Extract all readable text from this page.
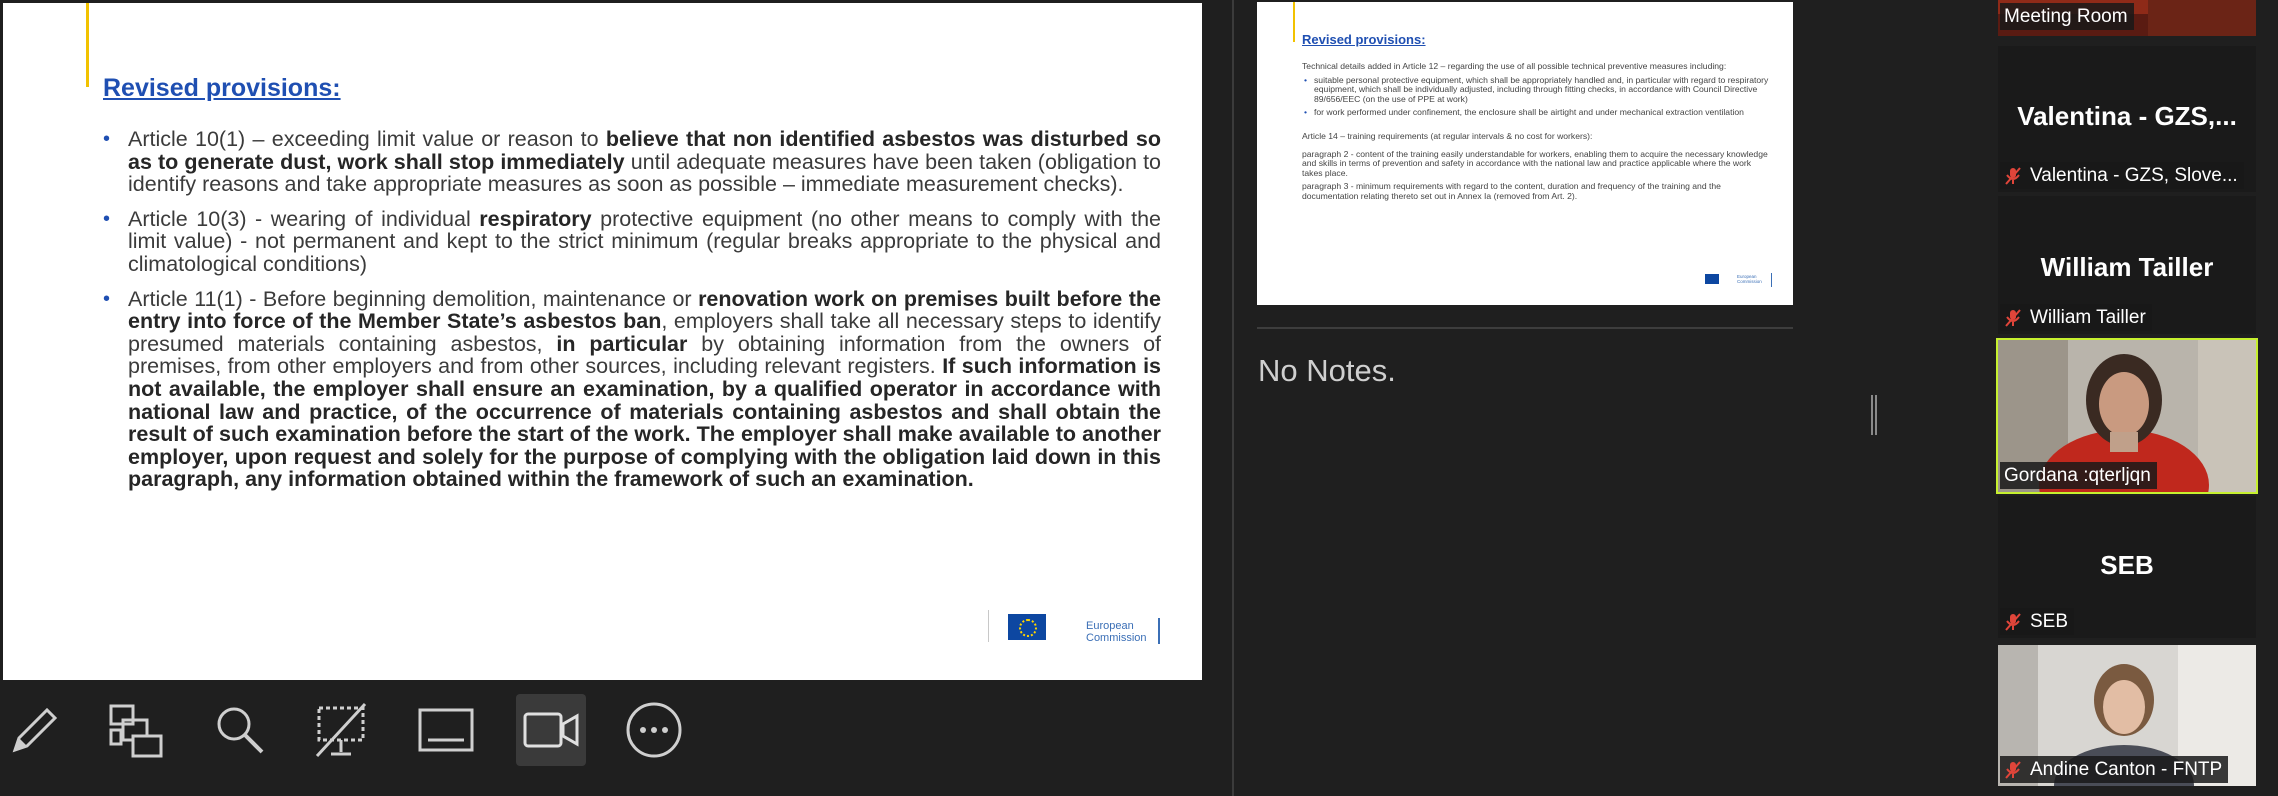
Revised provisions:
• Article 10(1) – exceeding limit value or reason to believe that non identified asbestos was disturbed so as to generate dust, work shall stop immediately until adequate measures have been taken (obligation to identify reasons and take appropriate measures as soon as possible – immediate measurement checks).
• Article 10(3) - wearing of individual respiratory protective equipment (no other means to comply with the limit value) - not permanent and kept to the strict minimum (regular breaks appropriate to the physical and climatological conditions)
• Article 11(1) - Before beginning demolition, maintenance or renovation work on premises built before the entry into force of the Member State’s asbestos ban, employers shall take all necessary steps to identify presumed materials containing asbestos, in particular by obtaining information from the owners of premises, from other employers and from other sources, including relevant registers. If such information is not available, the employer shall ensure an examination, by a qualified operator in accordance with national law and practice, of the occurrence of materials containing asbestos and shall obtain the result of such examination before the start of the work. The employer shall make available to another employer, upon request and solely for the purpose of complying with the obligation laid down in this paragraph, any information obtained within the framework of such an examination.
European
Commission
Revised provisions:

Technical details added in Article 12 – regarding the use of all possible technical preventive measures including:

• suitable personal protective equipment, which shall be appropriately handled and, in particular with regard to respiratory equipment, which shall be individually adjusted, including through fitting checks, in accordance with Council Directive 89/656/EEC (on the use of PPE at work)
• for work performed under confinement, the enclosure shall be airtight and under mechanical extraction ventilation

Article 14 – training requirements (at regular intervals & no cost for workers):

paragraph 2 - content of the training easily understandable for workers, enabling them to acquire the necessary knowledge and skills in terms of prevention and safety in accordance with the national law and practice applicable where the work takes place.

paragraph 3 - minimum requirements with regard to the content, duration and frequency of the training and the documentation relating thereto set out in Annex Ia (removed from Art. 2).

European
Commission
No Notes.
Meeting Room
Valentina - GZS,...
Valentina - GZS, Slove...
William Tailler
William Tailler
Gordana :qterljqn
SEB
SEB
Andine Canton - FNTP
